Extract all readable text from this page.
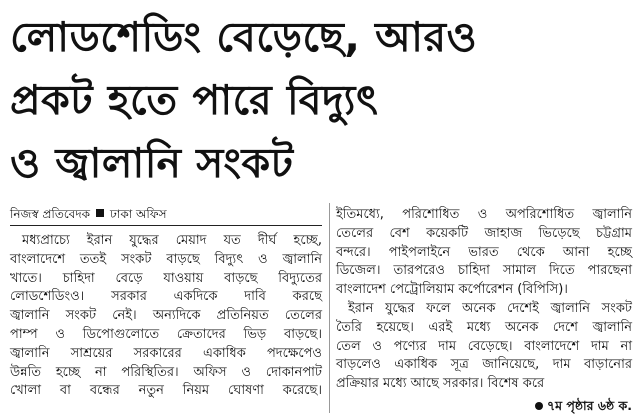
লোডশেডিং বেড়েছে, আরও
প্রকট হতে পারে বিদ্যুৎ
ও জ্বালানি সংকট
নিজস্ব প্রতিবেদক ঢাকা অফিস

মধ্যপ্রাচ্যে ইরান যুদ্ধের মেয়াদ যত দীর্ঘ হচ্ছে,

বাংলাদেশে ততই সংকট বাড়ছে বিদ্যুৎ ও জ্বালানি

খাতে। চাহিদা বেড়ে যাওয়ায় বাড়ছে বিদ্যুতের

লোডশেডিংও। সরকার একদিকে দাবি করছে

জ্বালানি সংকট নেই। অন্যদিকে প্রতিনিয়ত তেলের

পাম্প ও ডিপোগুলোতে ক্রেতাদের ভিড় বাড়ছে।

জ্বালানি সাশ্রয়ের সরকারের একাধিক পদক্ষেপেও

উন্নতি হচ্ছে না পরিস্থিতির। অফিস ও দোকানপাট

খোলা বা বন্ধের নতুন নিয়ম ঘোষণা করেছে।

ইতিমধ্যে, পরিশোধিত ও অপরিশোধিত জ্বালানি

তেলের বেশ কয়েকটি জাহাজ ভিড়েছে চট্টগ্রাম

বন্দরে। পাইপলাইনে ভারত থেকে আনা হচ্ছে

ডিজেল। তারপরেও চাহিদা সামাল দিতে পারছেনা

বাংলাদেশ পেট্রোলিয়াম কর্পোরেশন (বিপিসি)।

ইরান যুদ্ধের ফলে অনেক দেশেই জ্বালানি সংকট

তৈরি হয়েছে। এরই মধ্যে অনেক দেশে জ্বালানি

তেল ও পণ্যের দাম বেড়েছে। বাংলাদেশে দাম না

বাড়লেও একাধিক সূত্র জানিয়েছে, দাম বাড়ানোর

প্রক্রিয়ার মধ্যে আছে সরকার। বিশেষ করে

৭ম পৃষ্ঠার ৬ষ্ঠ ক.
